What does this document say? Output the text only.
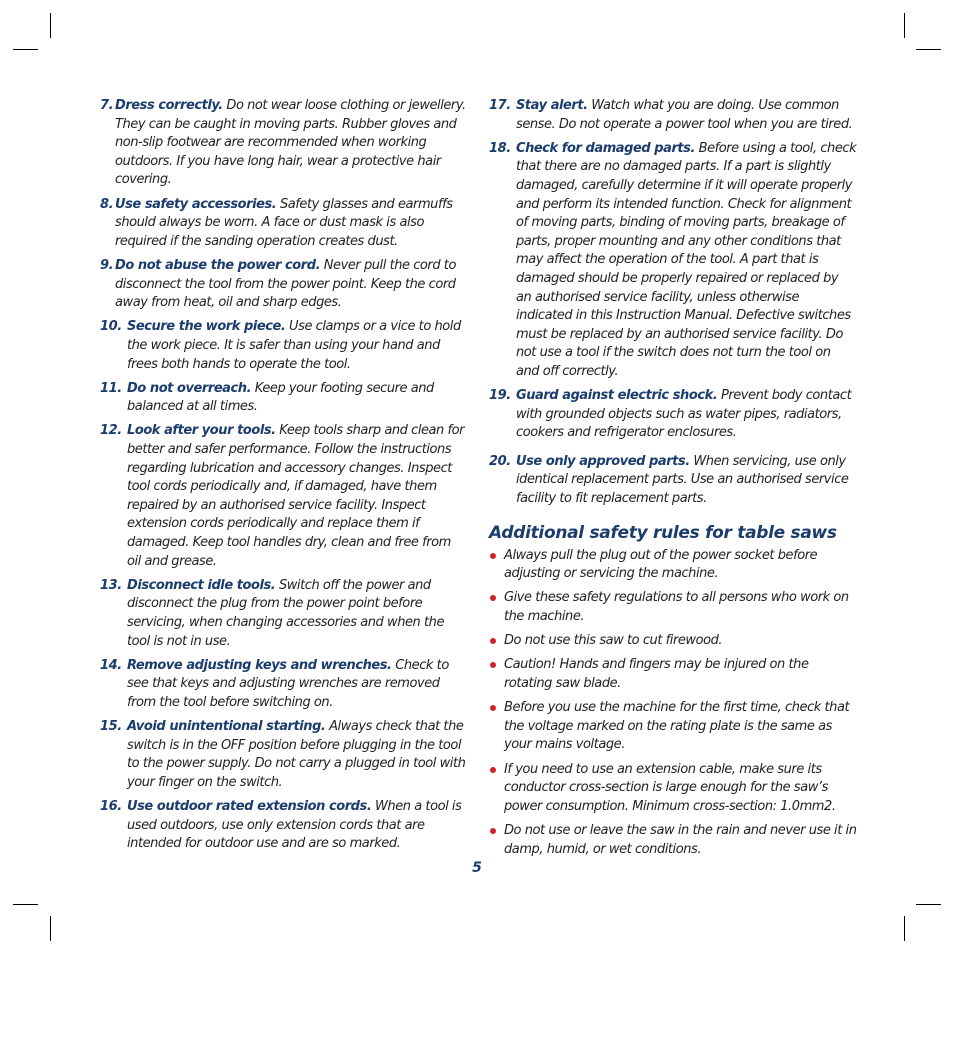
7. Dress correctly. Do not wear loose clothing or jewellery. They can be caught in moving parts. Rubber gloves and non-slip footwear are recommended when working outdoors. If you have long hair, wear a protective hair covering.
8. Use safety accessories. Safety glasses and earmuffs should always be worn. A face or dust mask is also required if the sanding operation creates dust.
9. Do not abuse the power cord. Never pull the cord to disconnect the tool from the power point. Keep the cord away from heat, oil and sharp edges.
10. Secure the work piece. Use clamps or a vice to hold the work piece. It is safer than using your hand and frees both hands to operate the tool.
11. Do not overreach. Keep your footing secure and balanced at all times.
12. Look after your tools. Keep tools sharp and clean for better and safer performance. Follow the instructions regarding lubrication and accessory changes. Inspect tool cords periodically and, if damaged, have them repaired by an authorised service facility. Inspect extension cords periodically and replace them if damaged. Keep tool handles dry, clean and free from oil and grease.
13. Disconnect idle tools. Switch off the power and disconnect the plug from the power point before servicing, when changing accessories and when the tool is not in use.
14. Remove adjusting keys and wrenches. Check to see that keys and adjusting wrenches are removed from the tool before switching on.
15. Avoid unintentional starting. Always check that the switch is in the OFF position before plugging in the tool to the power supply. Do not carry a plugged in tool with your finger on the switch.
16. Use outdoor rated extension cords. When a tool is used outdoors, use only extension cords that are intended for outdoor use and are so marked.
17. Stay alert. Watch what you are doing. Use common sense. Do not operate a power tool when you are tired.
18. Check for damaged parts. Before using a tool, check that there are no damaged parts. If a part is slightly damaged, carefully determine if it will operate properly and perform its intended function. Check for alignment of moving parts, binding of moving parts, breakage of parts, proper mounting and any other conditions that may affect the operation of the tool. A part that is damaged should be properly repaired or replaced by an authorised service facility, unless otherwise indicated in this Instruction Manual. Defective switches must be replaced by an authorised service facility. Do not use a tool if the switch does not turn the tool on and off correctly.
19. Guard against electric shock. Prevent body contact with grounded objects such as water pipes, radiators, cookers and refrigerator enclosures.
20. Use only approved parts. When servicing, use only identical replacement parts. Use an authorised service facility to fit replacement parts.
Additional safety rules for table saws
Always pull the plug out of the power socket before adjusting or servicing the machine.
Give these safety regulations to all persons who work on the machine.
Do not use this saw to cut firewood.
Caution! Hands and fingers may be injured on the rotating saw blade.
Before you use the machine for the first time, check that the voltage marked on the rating plate is the same as your mains voltage.
If you need to use an extension cable, make sure its conductor cross-section is large enough for the saw’s power consumption. Minimum cross-section: 1.0mm2.
Do not use or leave the saw in the rain and never use it in damp, humid, or wet conditions.
5
